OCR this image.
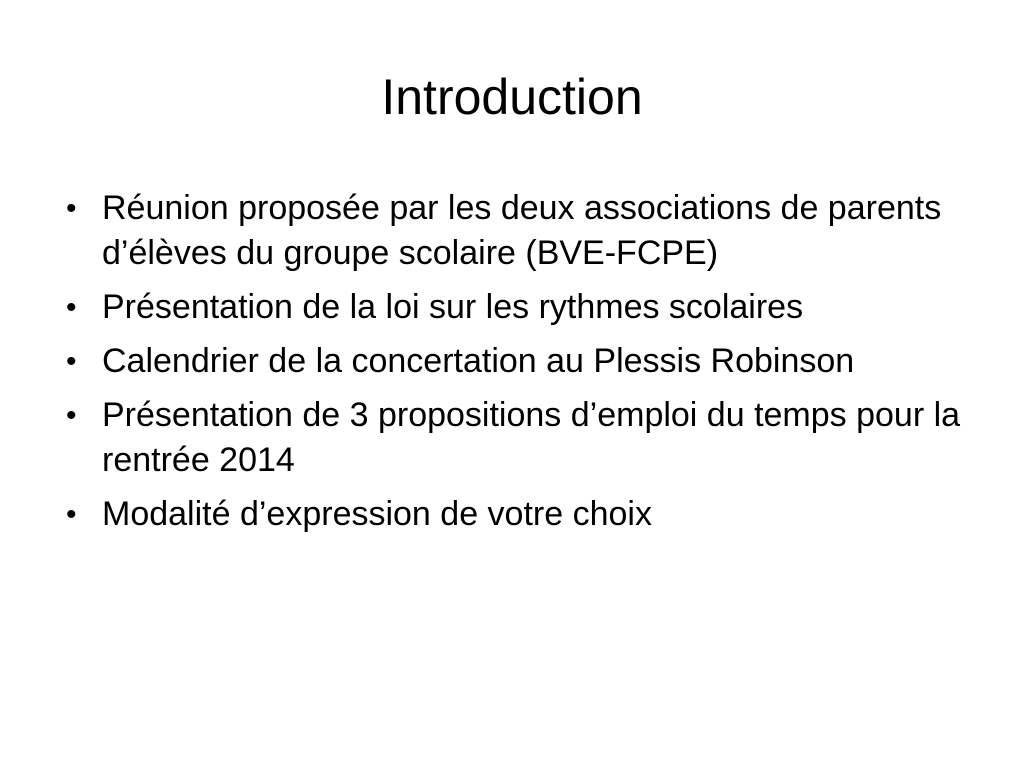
Introduction
• Réunion proposée par les deux associations de parents d’élèves du groupe scolaire (BVE-FCPE)
• Présentation de la loi sur les rythmes scolaires
• Calendrier de la concertation au Plessis Robinson
• Présentation de 3 propositions d’emploi du temps pour la rentrée 2014
• Modalité d’expression de votre choix
